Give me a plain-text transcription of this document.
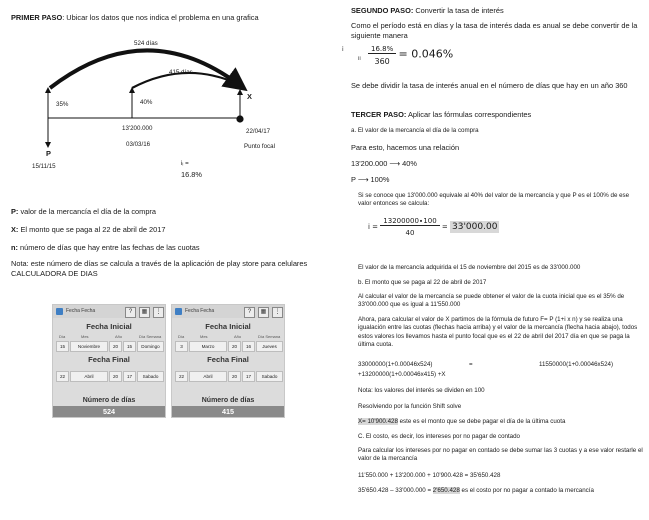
PRIMER PASO: Ubicar los datos que nos indica el problema en una grafica
524 días
415 días
35%	40%
X
13'200.000
03/03/16
22/04/17
Punto focal
P
15/11/15	iᵢ =
16.8%
P: valor de la mercancía el día de la compra
X: El monto que se paga al 22 de abril de 2017
n: número de días que hay entre las fechas de las cuotas
Nota: este número de días se calcula a través de la aplicación de play store para celulares CALCULADORA DE DIAS
Fecha Fecha	?	▦	⋮
Fecha Inicial
Día	Mes	Año	Día Semana
15	Noviembre	20	15	Domingo
Fecha Final
22	Abril	20	17	Sabado
Número de días
524
Fecha Fecha	?	▦	⋮
Fecha Inicial
Día	Mes	Año	Día Semana
3	Marzo	20	16	Jueves
Fecha Final
22	Abril	20	17	Sabado
Número de días
415
SEGUNDO PASO: Convertir la tasa de interés
Como el período está en días y la tasa de interés dada es anual se debe convertir de la siguiente manera
i
ii $\frac{16.8\%}{360} = 0.046\%$
Se debe dividir la tasa de interés anual en el número de días que hay en un año 360
TERCER PASO: Aplicar las fórmulas correspondientes
a. El valor de la mercancía el día de la compra
Para esto, hacemos una relación
13'200.000 ⟶ 40%
P ⟶ 100%
Si se conoce que 13'000.000 equivale al 40% del valor de la mercancía y que P es el 100% de ese valor entonces se calcula:
$i = \frac{13200000\cdot 100}{40} = 33'000.00$
El valor de la mercancía adquirida el 15 de noviembre del 2015 es de 33'000.000
b. El monto que se paga al 22 de abril de 2017
Al calcular el valor de la mercancía se puede obtener el valor de la cuota inicial que es el 35% de 33'000.000 que es igual a 11'550.000
Ahora, para calcular el valor de X partimos de la fórmula de futuro F= P (1+i x n) y se realiza una igualación entre las cuotas (flechas hacia arriba) y el valor de la mercancía (flecha hacia abajo), todos estos valores los llevamos hasta el punto focal que es el 22 de abril del 2017 día en que se paga la última cuota.
33000000(1+0.00046x524)	=	11550000(1+0.00046x524)
+13200000(1+0.00046x415) +X
Nota: los valores del interés se dividen en 100
Resolviendo por la función Shift solve
X= 10'900.428 este es el monto que se debe pagar el día de la última cuota
C. El costo, es decir, los intereses por no pagar de contado
Para calcular los intereses por no pagar en contado se debe sumar las 3 cuotas y a ese valor restarle el valor de la mercancía
11'550.000 + 13'200.000 + 10'900.428 = 35'650.428
35'650.428 – 33'000.000 = 2'650.428 es el costo por no pagar a contado la mercancía
